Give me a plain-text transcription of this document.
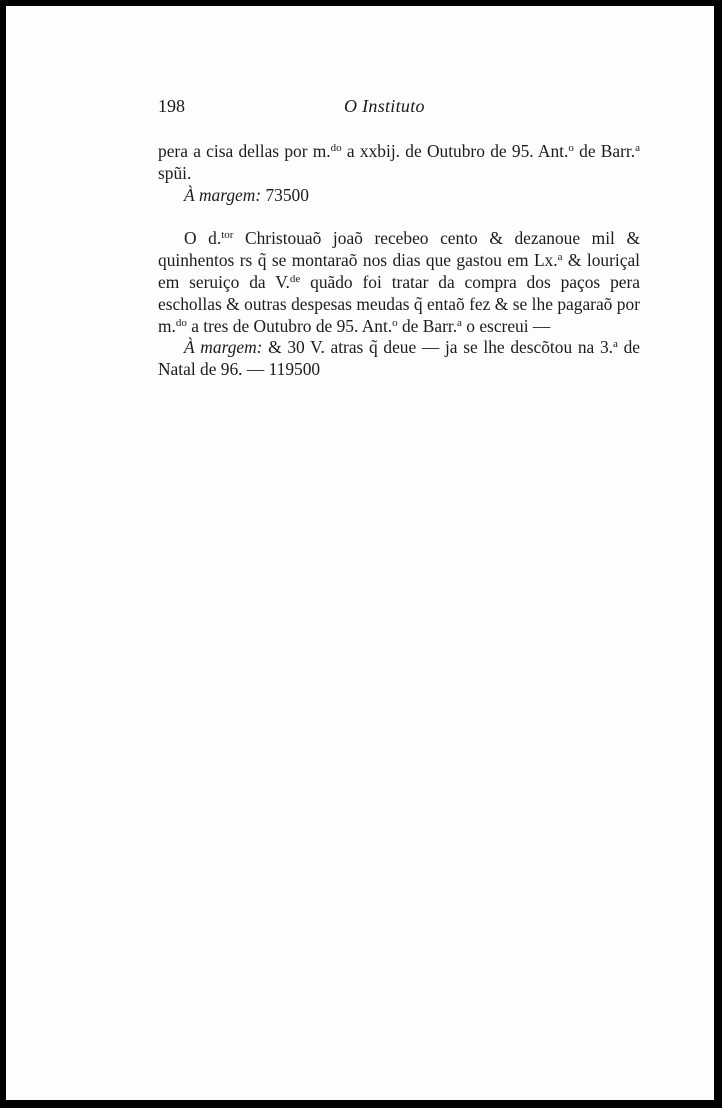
198	O Instituto

pera a cisa dellas por m.$^{do}$ a xxbij. de Outubro de 95. Ant.$^o$ de Barr.$^a$ spũi.

À margem: 73500

O d.$^{tor}$ Christouaõ joaõ recebeo cento & dezanoue mil & quinhentos rs q̃ se montaraõ nos dias que gastou em Lx.$^a$ & louriçal em seruiço da V.$^{de}$ quãdo foi tratar da compra dos paços pera eschollas & outras despesas meudas q̃ entaõ fez & se lhe pagaraõ por m.$^{do}$ a tres de Outubro de 95. Ant.$^o$ de Barr.$^a$ o escreui —

À margem: & 30 V. atras q̃ deue — ja se lhe descõtou na 3.$^a$ de Natal de 96. — 119500
